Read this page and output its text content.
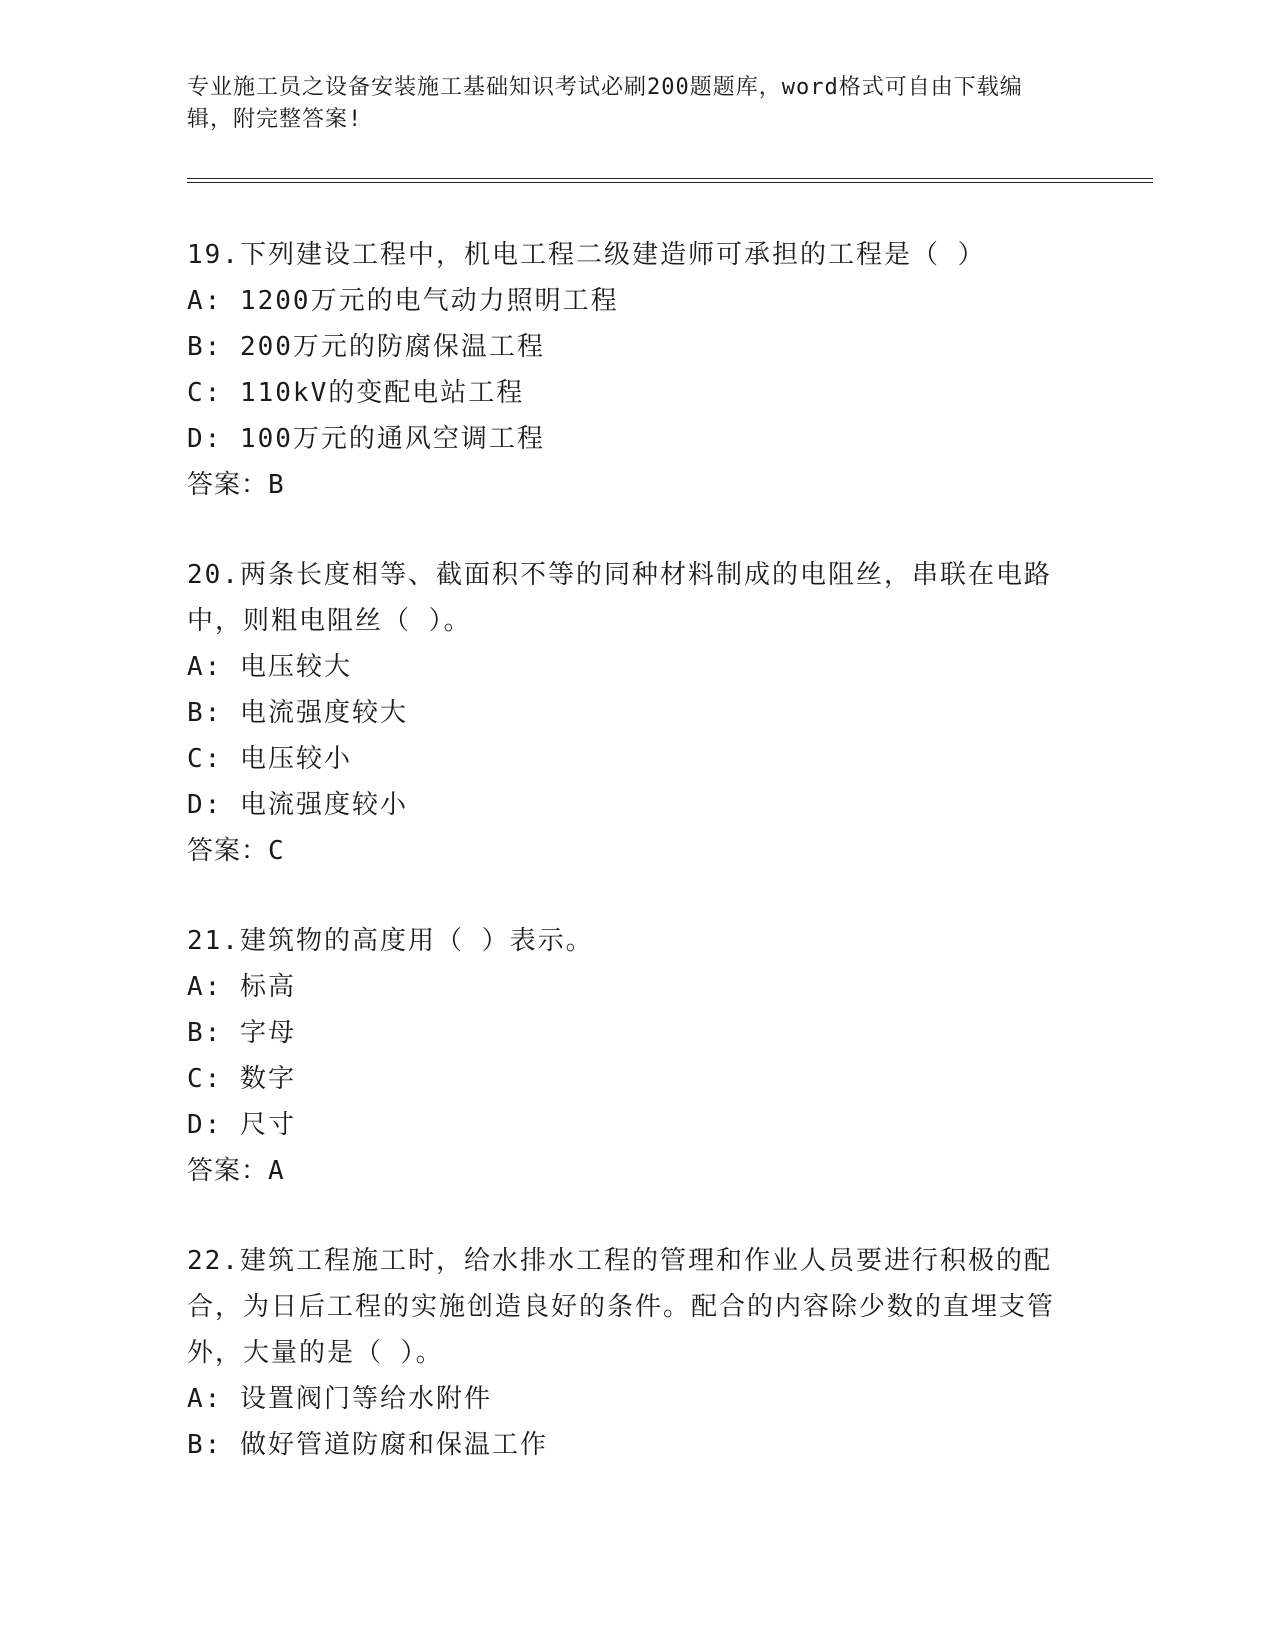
专业施工员之设备安装施工基础知识考试必刷200题题库，word格式可自由下载编辑，附完整答案!
19.下列建设工程中，机电工程二级建造师可承担的工程是（ ）
A: 1200万元的电气动力照明工程
B: 200万元的防腐保温工程
C: 110kV的变配电站工程
D: 100万元的通风空调工程
答案：B
20.两条长度相等、截面积不等的同种材料制成的电阻丝，串联在电路中，则粗电阻丝（ ）。
A: 电压较大
B: 电流强度较大
C: 电压较小
D: 电流强度较小
答案：C
21.建筑物的高度用（ ）表示。
A: 标高
B: 字母
C: 数字
D: 尺寸
答案：A
22.建筑工程施工时，给水排水工程的管理和作业人员要进行积极的配合，为日后工程的实施创造良好的条件。配合的内容除少数的直埋支管外，大量的是（ ）。
A: 设置阀门等给水附件
B: 做好管道防腐和保温工作
